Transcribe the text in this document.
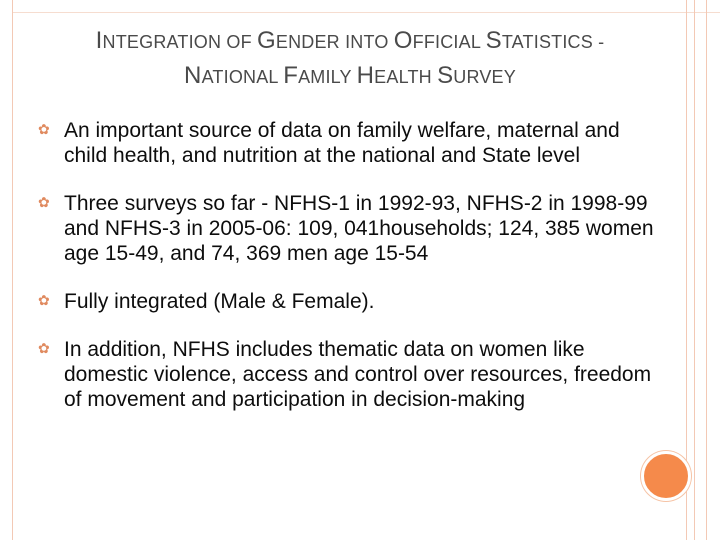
INTEGRATION OF GENDER INTO OFFICIAL STATISTICS -
NATIONAL FAMILY HEALTH SURVEY
✿ An important source of data on family welfare, maternal and child health, and nutrition at the national and State level
✿ Three surveys so far - NFHS-1 in 1992-93, NFHS-2 in 1998-99 and NFHS-3 in 2005-06: 109, 041households; 124, 385 women age 15-49, and 74, 369 men age 15-54
✿ Fully integrated (Male & Female).
✿ In addition, NFHS includes thematic data on women like domestic violence, access and control over resources, freedom of movement and participation in decision-making
